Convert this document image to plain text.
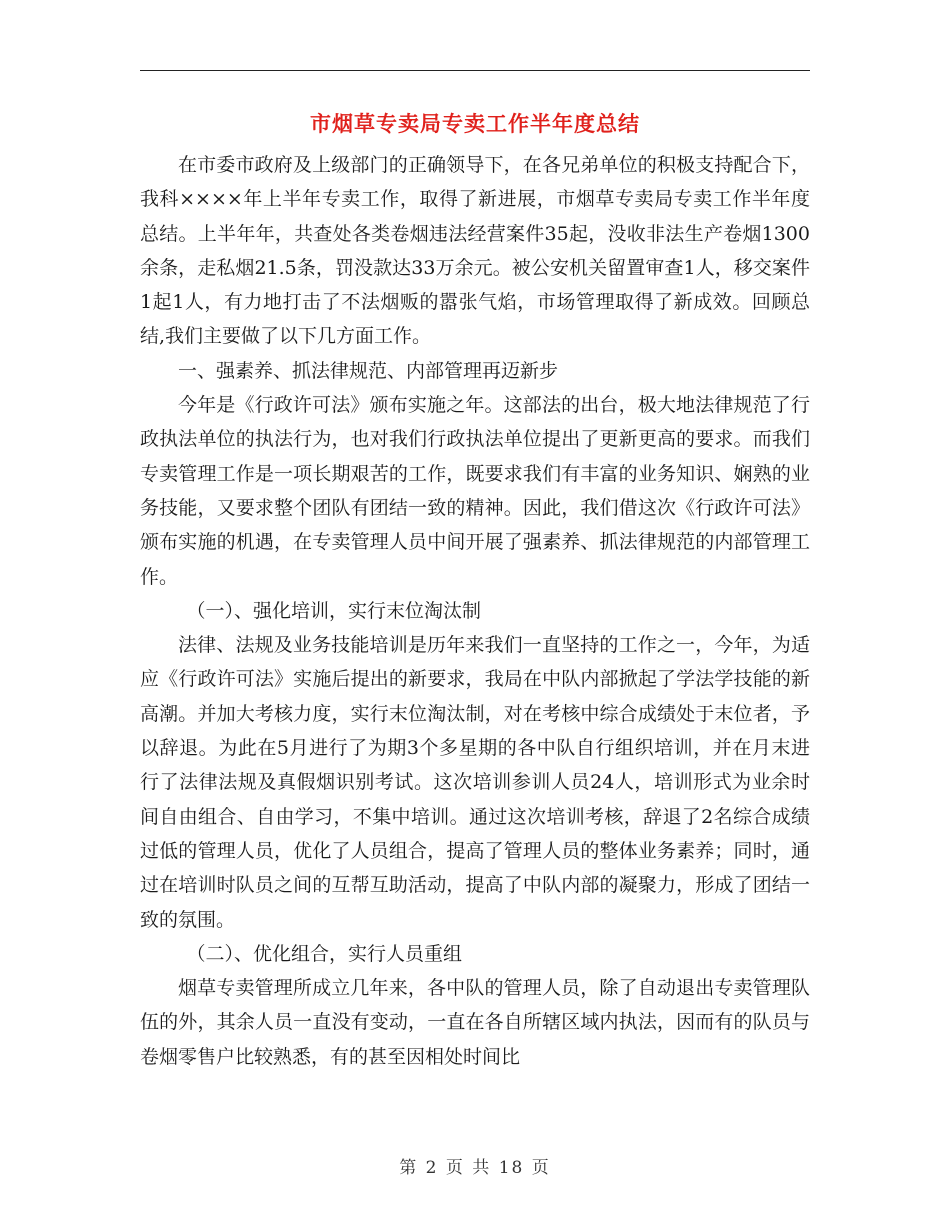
市烟草专卖局专卖工作半年度总结

在市委市政府及上级部门的正确领导下，在各兄弟单位的积极支持配合下，我科××××年上半年专卖工作，取得了新进展，市烟草专卖局专卖工作半年度总结。上半年年，共查处各类卷烟违法经营案件35起，没收非法生产卷烟1300余条，走私烟21.5条，罚没款达33万余元。被公安机关留置审查1人，移交案件1起1人，有力地打击了不法烟贩的嚣张气焰，市场管理取得了新成效。回顾总结,我们主要做了以下几方面工作。

一、强素养、抓法律规范、内部管理再迈新步

今年是《行政许可法》颁布实施之年。这部法的出台，极大地法律规范了行政执法单位的执法行为，也对我们行政执法单位提出了更新更高的要求。而我们专卖管理工作是一项长期艰苦的工作，既要求我们有丰富的业务知识、娴熟的业务技能，又要求整个团队有团结一致的精神。因此，我们借这次《行政许可法》颁布实施的机遇，在专卖管理人员中间开展了强素养、抓法律规范的内部管理工作。

（一）、强化培训，实行末位淘汰制

法律、法规及业务技能培训是历年来我们一直坚持的工作之一，今年，为适应《行政许可法》实施后提出的新要求，我局在中队内部掀起了学法学技能的新高潮。并加大考核力度，实行末位淘汰制，对在考核中综合成绩处于末位者，予以辞退。为此在5月进行了为期3个多星期的各中队自行组织培训，并在月末进行了法律法规及真假烟识别考试。这次培训参训人员24人，培训形式为业余时间自由组合、自由学习，不集中培训。通过这次培训考核，辞退了2名综合成绩过低的管理人员，优化了人员组合，提高了管理人员的整体业务素养；同时，通过在培训时队员之间的互帮互助活动，提高了中队内部的凝聚力，形成了团结一致的氛围。

（二）、优化组合，实行人员重组

烟草专卖管理所成立几年来，各中队的管理人员，除了自动退出专卖管理队伍的外，其余人员一直没有变动，一直在各自所辖区域内执法，因而有的队员与卷烟零售户比较熟悉，有的甚至因相处时间比

第 2 页 共 18 页
